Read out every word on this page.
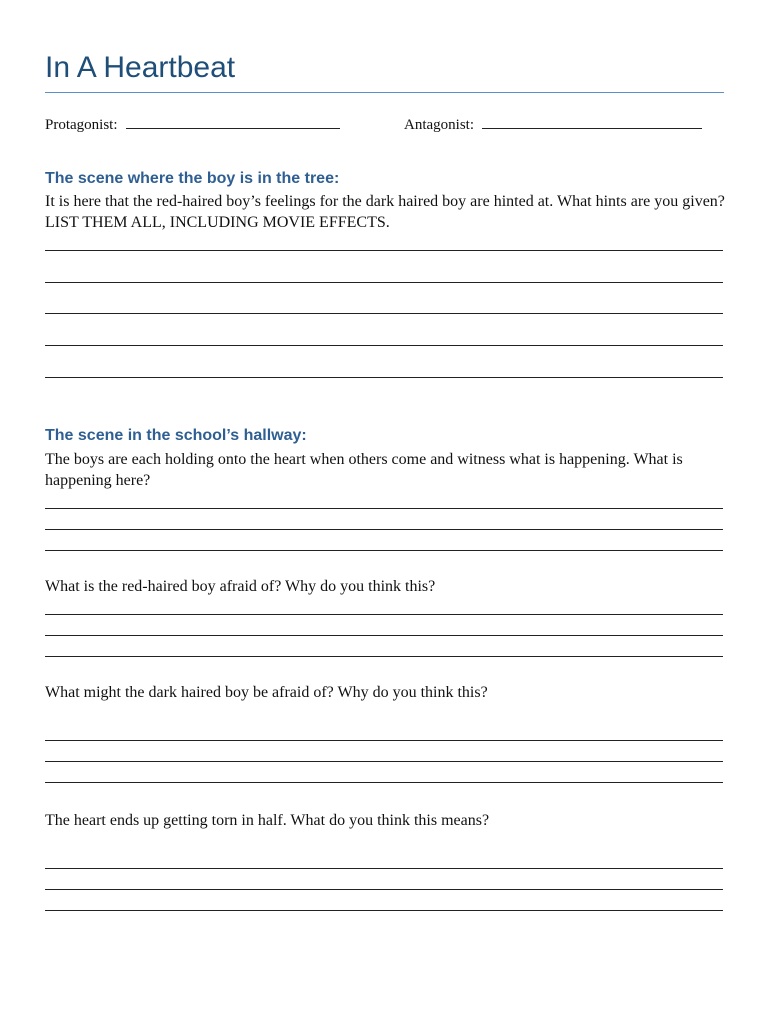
In A Heartbeat
Protagonist:	Antagonist:
The scene where the boy is in the tree:

It is here that the red-haired boy’s feelings for the dark haired boy are hinted at. What hints are you given? LIST THEM ALL, INCLUDING MOVIE EFFECTS.

The scene in the school’s hallway:

The boys are each holding onto the heart when others come and witness what is happening. What is happening here?

What is the red-haired boy afraid of? Why do you think this?

What might the dark haired boy be afraid of? Why do you think this?

The heart ends up getting torn in half. What do you think this means?
